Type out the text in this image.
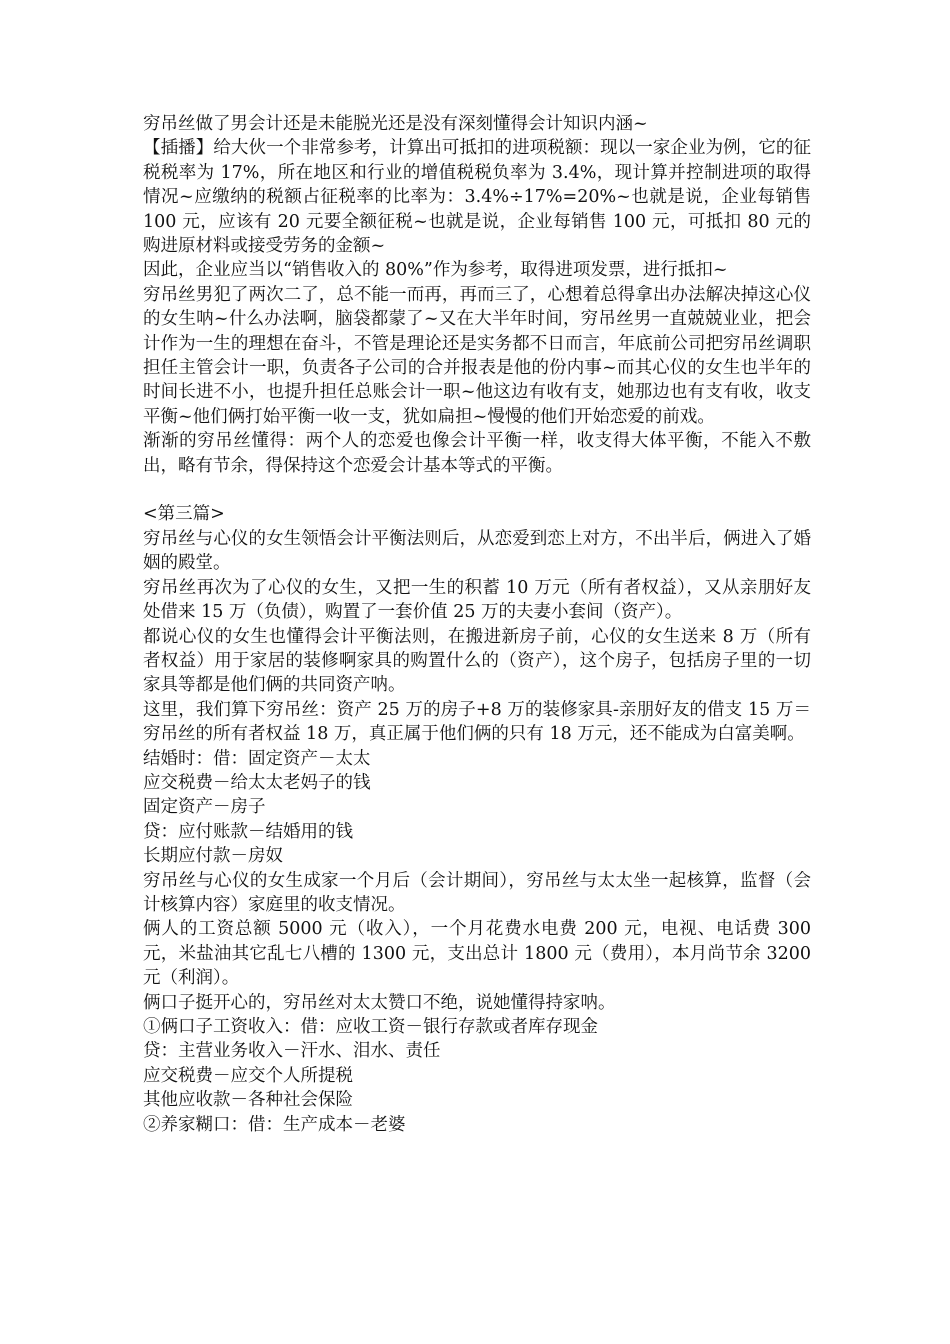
穷吊丝做了男会计还是未能脱光还是没有深刻懂得会计知识内涵~

【插播】给大伙一个非常参考，计算出可抵扣的进项税额：现以一家企业为例，它的征税税率为 17%，所在地区和行业的增值税税负率为 3.4%，现计算并控制进项的取得情况~应缴纳的税额占征税率的比率为：3.4%÷17%=20%~也就是说，企业每销售 100 元，应该有 20 元要全额征税~也就是说，企业每销售 100 元，可抵扣 80 元的购进原材料或接受劳务的金额~

因此，企业应当以“销售收入的 80%”作为参考，取得进项发票，进行抵扣~

穷吊丝男犯了两次二了，总不能一而再，再而三了，心想着总得拿出办法解决掉这心仪的女生呐~什么办法啊，脑袋都蒙了~又在大半年时间，穷吊丝男一直兢兢业业，把会计作为一生的理想在奋斗，不管是理论还是实务都不日而言，年底前公司把穷吊丝调职担任主管会计一职，负责各子公司的合并报表是他的份内事~而其心仪的女生也半年的时间长进不小，也提升担任总账会计一职~他这边有收有支，她那边也有支有收，收支平衡~他们俩打始平衡一收一支，犹如扁担~慢慢的他们开始恋爱的前戏。

渐渐的穷吊丝懂得：两个人的恋爱也像会计平衡一样，收支得大体平衡，不能入不敷出，略有节余，得保持这个恋爱会计基本等式的平衡。

<第三篇>

穷吊丝与心仪的女生领悟会计平衡法则后，从恋爱到恋上对方，不出半后，俩进入了婚姻的殿堂。

穷吊丝再次为了心仪的女生，又把一生的积蓄 10 万元（所有者权益），又从亲朋好友处借来 15 万（负债），购置了一套价值 25 万的夫妻小套间（资产）。

都说心仪的女生也懂得会计平衡法则，在搬进新房子前，心仪的女生送来 8 万（所有者权益）用于家居的装修啊家具的购置什么的（资产），这个房子，包括房子里的一切家具等都是他们俩的共同资产呐。

这里，我们算下穷吊丝：资产 25 万的房子+8 万的装修家具-亲朋好友的借支 15 万＝穷吊丝的所有者权益 18 万，真正属于他们俩的只有 18 万元，还不能成为白富美啊。

结婚时：借：固定资产－太太

应交税费－给太太老妈子的钱

固定资产－房子

贷：应付账款－结婚用的钱

长期应付款－房奴

穷吊丝与心仪的女生成家一个月后（会计期间），穷吊丝与太太坐一起核算，监督（会计核算内容）家庭里的收支情况。

俩人的工资总额 5000 元（收入），一个月花费水电费 200 元，电视、电话费 300 元，米盐油其它乱七八槽的 1300 元，支出总计 1800 元（费用），本月尚节余 3200 元（利润）。

俩口子挺开心的，穷吊丝对太太赞口不绝，说她懂得持家呐。

①俩口子工资收入：借：应收工资－银行存款或者库存现金

贷：主营业务收入－汗水、泪水、责任

应交税费－应交个人所提税

其他应收款－各种社会保险

②养家糊口：借：生产成本－老婆
